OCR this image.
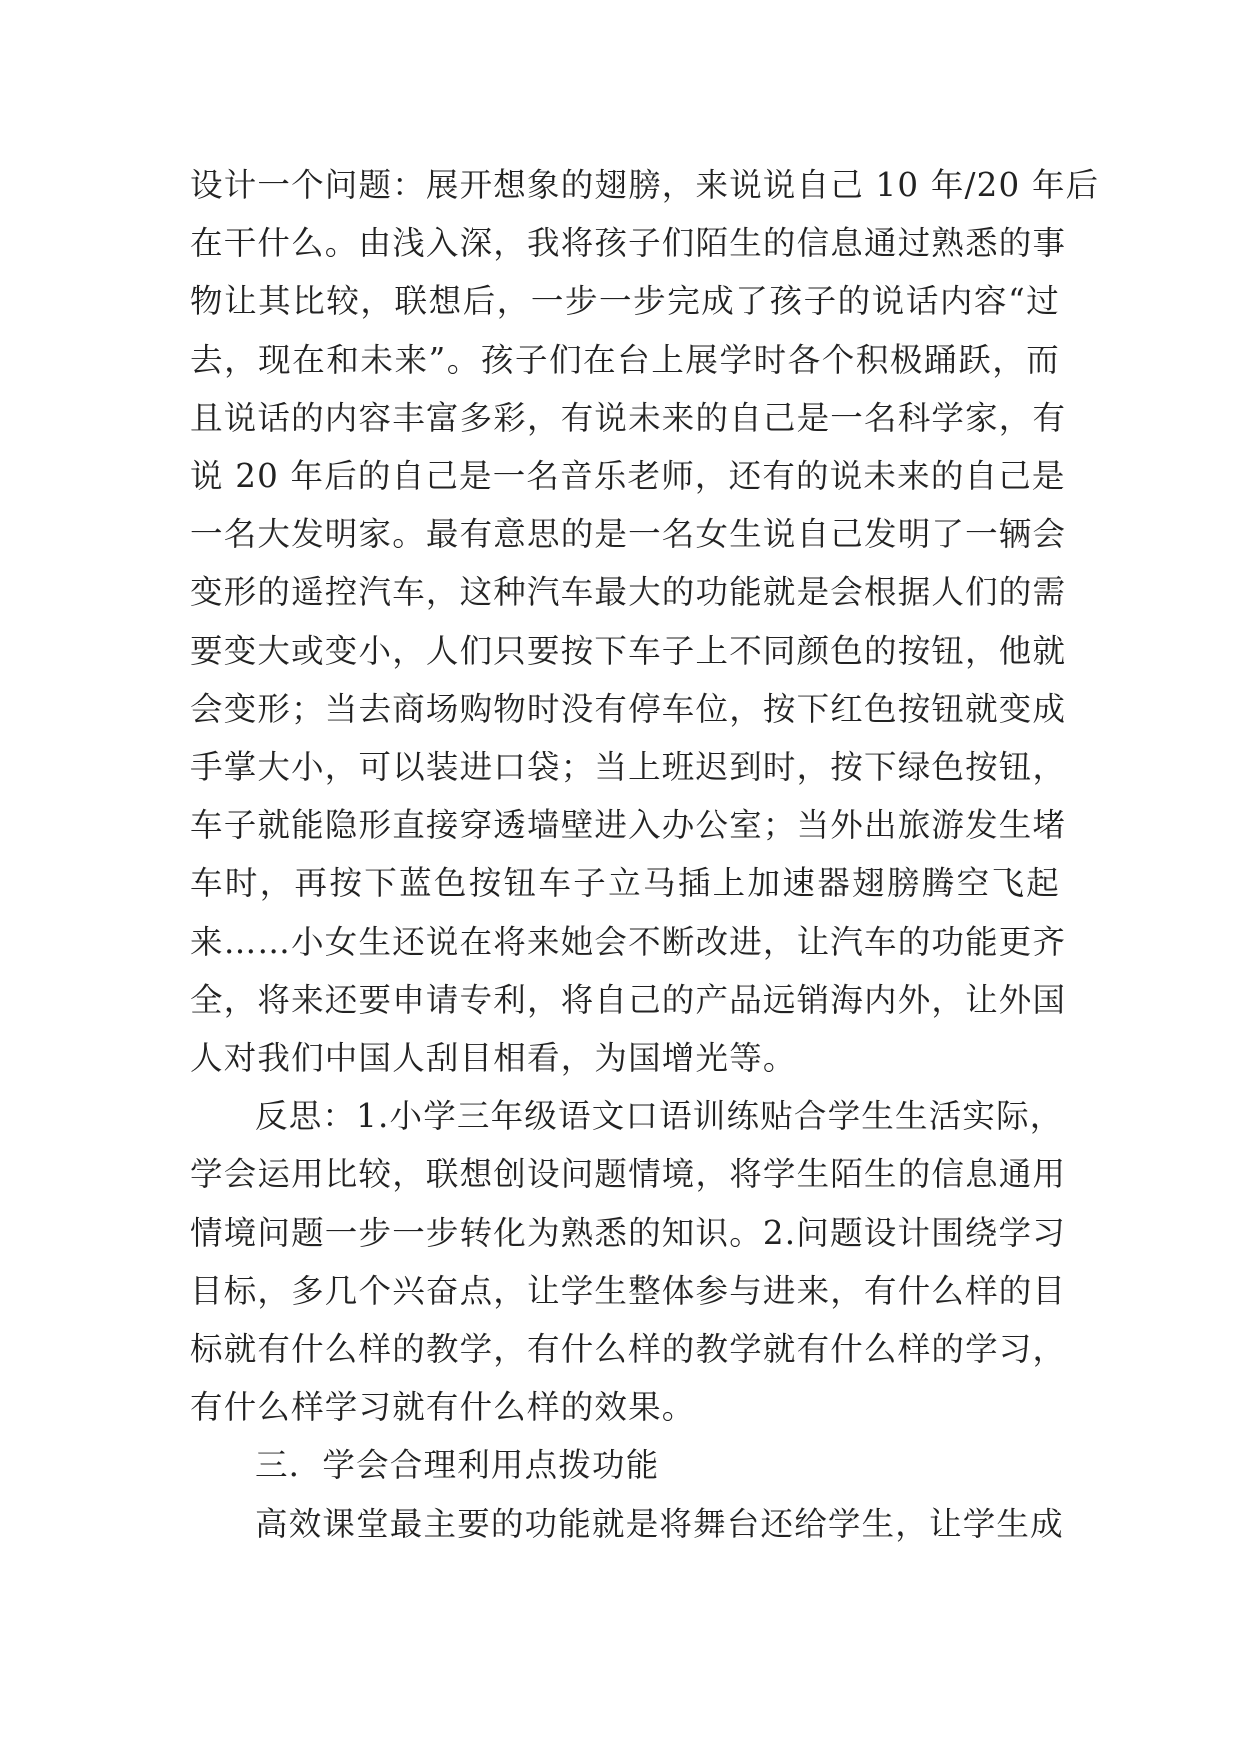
设计一个问题：展开想象的翅膀，来说说自己 10 年/20 年后
在干什么。由浅入深，我将孩子们陌生的信息通过熟悉的事
物让其比较，联想后，一步一步完成了孩子的说话内容“过
去，现在和未来”。孩子们在台上展学时各个积极踊跃，而
且说话的内容丰富多彩，有说未来的自己是一名科学家，有
说 20 年后的自己是一名音乐老师，还有的说未来的自己是
一名大发明家。最有意思的是一名女生说自己发明了一辆会
变形的遥控汽车，这种汽车最大的功能就是会根据人们的需
要变大或变小，人们只要按下车子上不同颜色的按钮，他就
会变形；当去商场购物时没有停车位，按下红色按钮就变成
手掌大小，可以装进口袋；当上班迟到时，按下绿色按钮，
车子就能隐形直接穿透墙壁进入办公室；当外出旅游发生堵
车时，再按下蓝色按钮车子立马插上加速器翅膀腾空飞起
来……小女生还说在将来她会不断改进，让汽车的功能更齐
全，将来还要申请专利，将自己的产品远销海内外，让外国
人对我们中国人刮目相看，为国增光等。
反思：1.小学三年级语文口语训练贴合学生生活实际，
学会运用比较，联想创设问题情境，将学生陌生的信息通用
情境问题一步一步转化为熟悉的知识。2.问题设计围绕学习
目标，多几个兴奋点，让学生整体参与进来，有什么样的目
标就有什么样的教学，有什么样的教学就有什么样的学习，
有什么样学习就有什么样的效果。
三．学会合理利用点拨功能
高效课堂最主要的功能就是将舞台还给学生，让学生成
